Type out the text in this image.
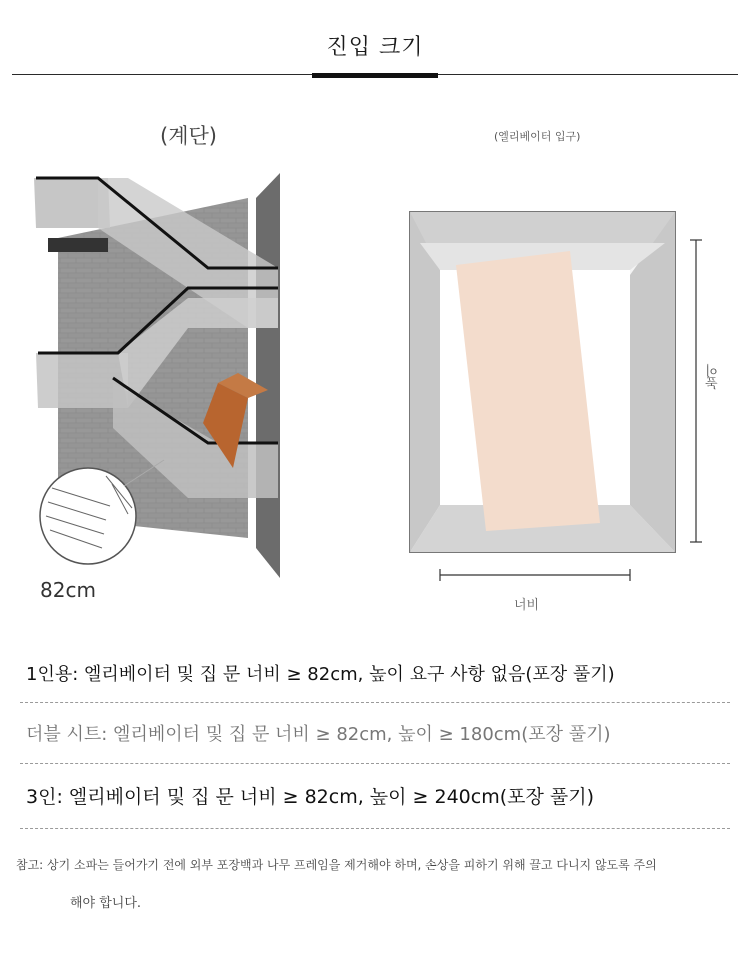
진입 크기
(계단)	(엘리베이터 입구)
82cm
너비
높이
1인용: 엘리베이터 및 집 문 너비 ≥ 82cm, 높이 요구 사항 없음(포장 풀기)
더블 시트: 엘리베이터 및 집 문 너비 ≥ 82cm, 높이 ≥ 180cm(포장 풀기)
3인: 엘리베이터 및 집 문 너비 ≥ 82cm, 높이 ≥ 240cm(포장 풀기)
참고: 상기 소파는 들어가기 전에 외부 포장백과 나무 프레임을 제거해야 하며, 손상을 피하기 위해 끌고 다니지 않도록 주의
해야 합니다.
